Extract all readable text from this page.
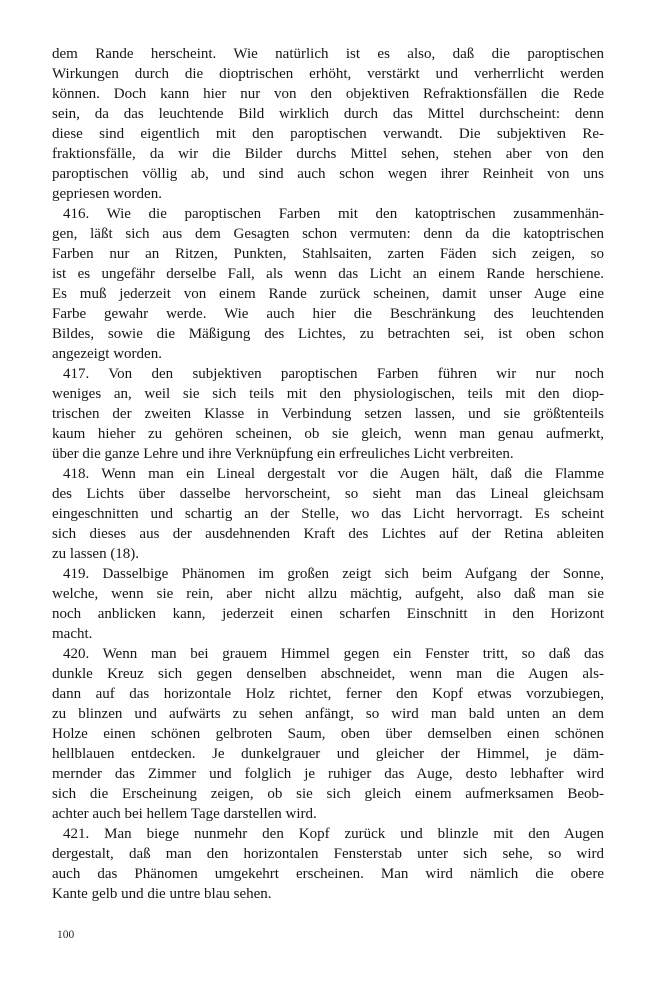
dem Rande herscheint. Wie natürlich ist es also, daß die paroptischen
Wirkungen durch die dioptrischen erhöht, verstärkt und verherrlicht werden
können. Doch kann hier nur von den objektiven Refraktionsfällen die Rede
sein, da das leuchtende Bild wirklich durch das Mittel durchscheint: denn
diese sind eigentlich mit den paroptischen verwandt. Die subjektiven Re-
fraktionsfälle, da wir die Bilder durchs Mittel sehen, stehen aber von den
paroptischen völlig ab, und sind auch schon wegen ihrer Reinheit von uns
gepriesen worden.
416. Wie die paroptischen Farben mit den katoptrischen zusammenhän-
gen, läßt sich aus dem Gesagten schon vermuten: denn da die katoptrischen
Farben nur an Ritzen, Punkten, Stahlsaiten, zarten Fäden sich zeigen, so
ist es ungefähr derselbe Fall, als wenn das Licht an einem Rande herschiene.
Es muß jederzeit von einem Rande zurück scheinen, damit unser Auge eine
Farbe gewahr werde. Wie auch hier die Beschränkung des leuchtenden
Bildes, sowie die Mäßigung des Lichtes, zu betrachten sei, ist oben schon
angezeigt worden.
417. Von den subjektiven paroptischen Farben führen wir nur noch
weniges an, weil sie sich teils mit den physiologischen, teils mit den diop-
trischen der zweiten Klasse in Verbindung setzen lassen, und sie größtenteils
kaum hieher zu gehören scheinen, ob sie gleich, wenn man genau aufmerkt,
über die ganze Lehre und ihre Verknüpfung ein erfreuliches Licht verbreiten.
418. Wenn man ein Lineal dergestalt vor die Augen hält, daß die Flamme
des Lichts über dasselbe hervorscheint, so sieht man das Lineal gleichsam
eingeschnitten und schartig an der Stelle, wo das Licht hervorragt. Es scheint
sich dieses aus der ausdehnenden Kraft des Lichtes auf der Retina ableiten
zu lassen (18).
419. Dasselbige Phänomen im großen zeigt sich beim Aufgang der Sonne,
welche, wenn sie rein, aber nicht allzu mächtig, aufgeht, also daß man sie
noch anblicken kann, jederzeit einen scharfen Einschnitt in den Horizont
macht.
420. Wenn man bei grauem Himmel gegen ein Fenster tritt, so daß das
dunkle Kreuz sich gegen denselben abschneidet, wenn man die Augen als-
dann auf das horizontale Holz richtet, ferner den Kopf etwas vorzubiegen,
zu blinzen und aufwärts zu sehen anfängt, so wird man bald unten an dem
Holze einen schönen gelbroten Saum, oben über demselben einen schönen
hellblauen entdecken. Je dunkelgrauer und gleicher der Himmel, je däm-
mernder das Zimmer und folglich je ruhiger das Auge, desto lebhafter wird
sich die Erscheinung zeigen, ob sie sich gleich einem aufmerksamen Beob-
achter auch bei hellem Tage darstellen wird.
421. Man biege nunmehr den Kopf zurück und blinzle mit den Augen
dergestalt, daß man den horizontalen Fensterstab unter sich sehe, so wird
auch das Phänomen umgekehrt erscheinen. Man wird nämlich die obere
Kante gelb und die untre blau sehen.
100
